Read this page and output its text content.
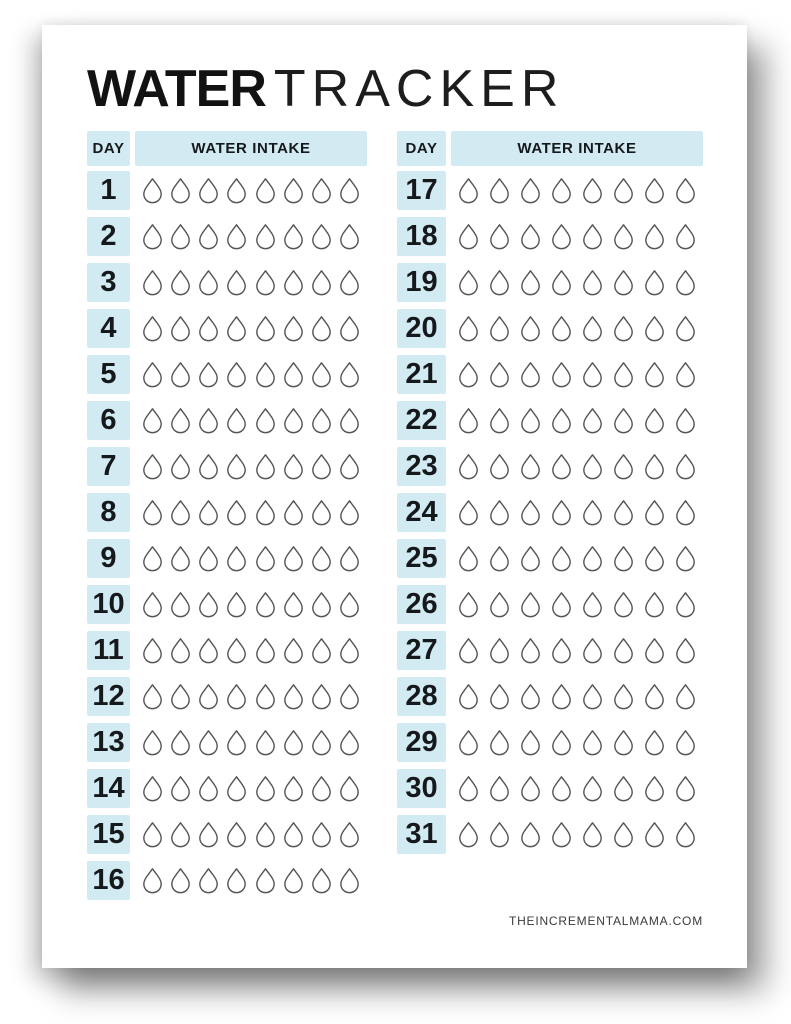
WATER TRACKER
DAY	WATER INTAKE
1
2
3
4
5
6
7
8
9
10
11
12
13
14
15
16
DAY	WATER INTAKE
17
18
19
20
21
22
23
24
25
26
27
28
29
30
31
THEINCREMENTALMAMA.COM
